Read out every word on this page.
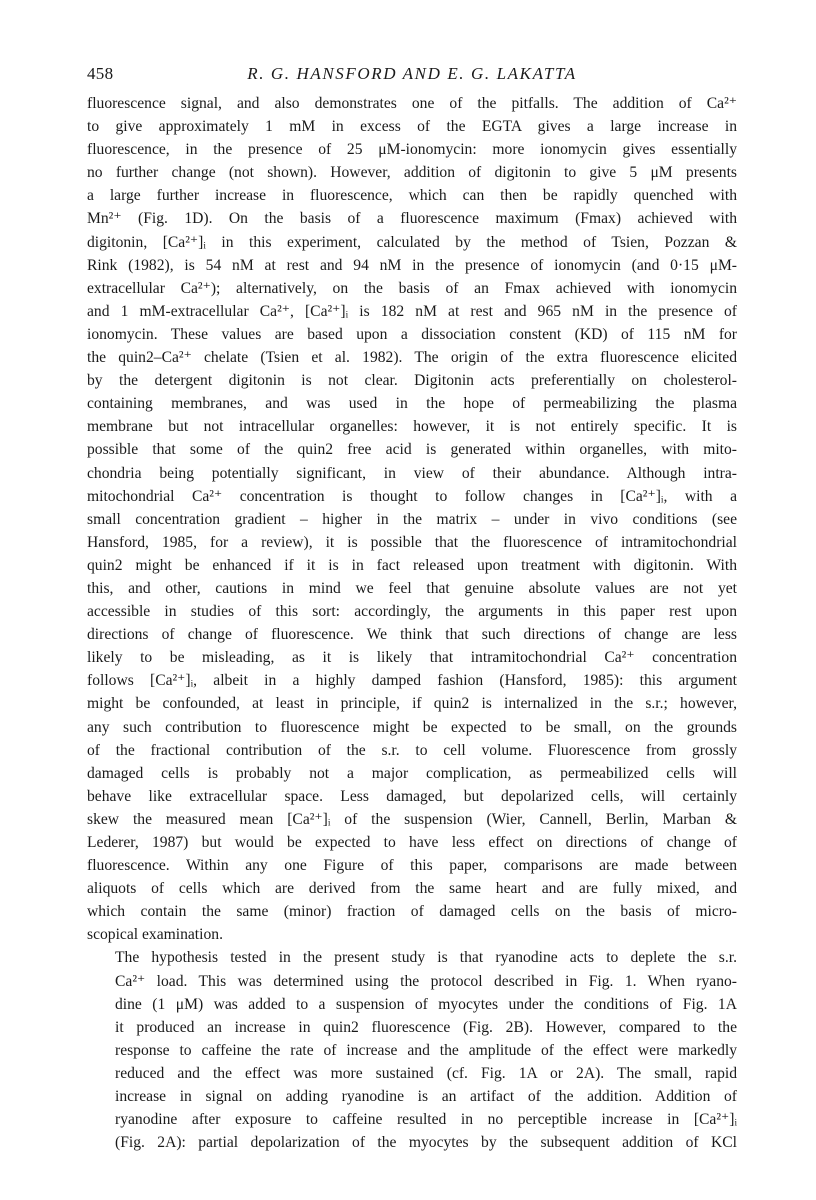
458	R. G. HANSFORD AND E. G. LAKATTA

fluorescence signal, and also demonstrates one of the pitfalls. The addition of Ca²⁺
to give approximately 1 mM in excess of the EGTA gives a large increase in
fluorescence, in the presence of 25 μM-ionomycin: more ionomycin gives essentially
no further change (not shown). However, addition of digitonin to give 5 μM presents
a large further increase in fluorescence, which can then be rapidly quenched with
Mn²⁺ (Fig. 1D). On the basis of a fluorescence maximum (Fmax) achieved with
digitonin, [Ca²⁺]ᵢ in this experiment, calculated by the method of Tsien, Pozzan &
Rink (1982), is 54 nM at rest and 94 nM in the presence of ionomycin (and 0·15 μM-
extracellular Ca²⁺); alternatively, on the basis of an Fmax achieved with ionomycin
and 1 mM-extracellular Ca²⁺, [Ca²⁺]ᵢ is 182 nM at rest and 965 nM in the presence of
ionomycin. These values are based upon a dissociation constent (KD) of 115 nM for
the quin2–Ca²⁺ chelate (Tsien et al. 1982). The origin of the extra fluorescence elicited
by the detergent digitonin is not clear. Digitonin acts preferentially on cholesterol-
containing membranes, and was used in the hope of permeabilizing the plasma
membrane but not intracellular organelles: however, it is not entirely specific. It is
possible that some of the quin2 free acid is generated within organelles, with mito-
chondria being potentially significant, in view of their abundance. Although intra-
mitochondrial Ca²⁺ concentration is thought to follow changes in [Ca²⁺]ᵢ, with a
small concentration gradient – higher in the matrix – under in vivo conditions (see
Hansford, 1985, for a review), it is possible that the fluorescence of intramitochondrial
quin2 might be enhanced if it is in fact released upon treatment with digitonin. With
this, and other, cautions in mind we feel that genuine absolute values are not yet
accessible in studies of this sort: accordingly, the arguments in this paper rest upon
directions of change of fluorescence. We think that such directions of change are less
likely to be misleading, as it is likely that intramitochondrial Ca²⁺ concentration
follows [Ca²⁺]ᵢ, albeit in a highly damped fashion (Hansford, 1985): this argument
might be confounded, at least in principle, if quin2 is internalized in the s.r.; however,
any such contribution to fluorescence might be expected to be small, on the grounds
of the fractional contribution of the s.r. to cell volume. Fluorescence from grossly
damaged cells is probably not a major complication, as permeabilized cells will
behave like extracellular space. Less damaged, but depolarized cells, will certainly
skew the measured mean [Ca²⁺]ᵢ of the suspension (Wier, Cannell, Berlin, Marban &
Lederer, 1987) but would be expected to have less effect on directions of change of
fluorescence. Within any one Figure of this paper, comparisons are made between
aliquots of cells which are derived from the same heart and are fully mixed, and
which contain the same (minor) fraction of damaged cells on the basis of micro-
scopical examination.

The hypothesis tested in the present study is that ryanodine acts to deplete the s.r.
Ca²⁺ load. This was determined using the protocol described in Fig. 1. When ryano-
dine (1 μM) was added to a suspension of myocytes under the conditions of Fig. 1A
it produced an increase in quin2 fluorescence (Fig. 2B). However, compared to the
response to caffeine the rate of increase and the amplitude of the effect were markedly
reduced and the effect was more sustained (cf. Fig. 1A or 2A). The small, rapid
increase in signal on adding ryanodine is an artifact of the addition. Addition of
ryanodine after exposure to caffeine resulted in no perceptible increase in [Ca²⁺]ᵢ
(Fig. 2A): partial depolarization of the myocytes by the subsequent addition of KCl
